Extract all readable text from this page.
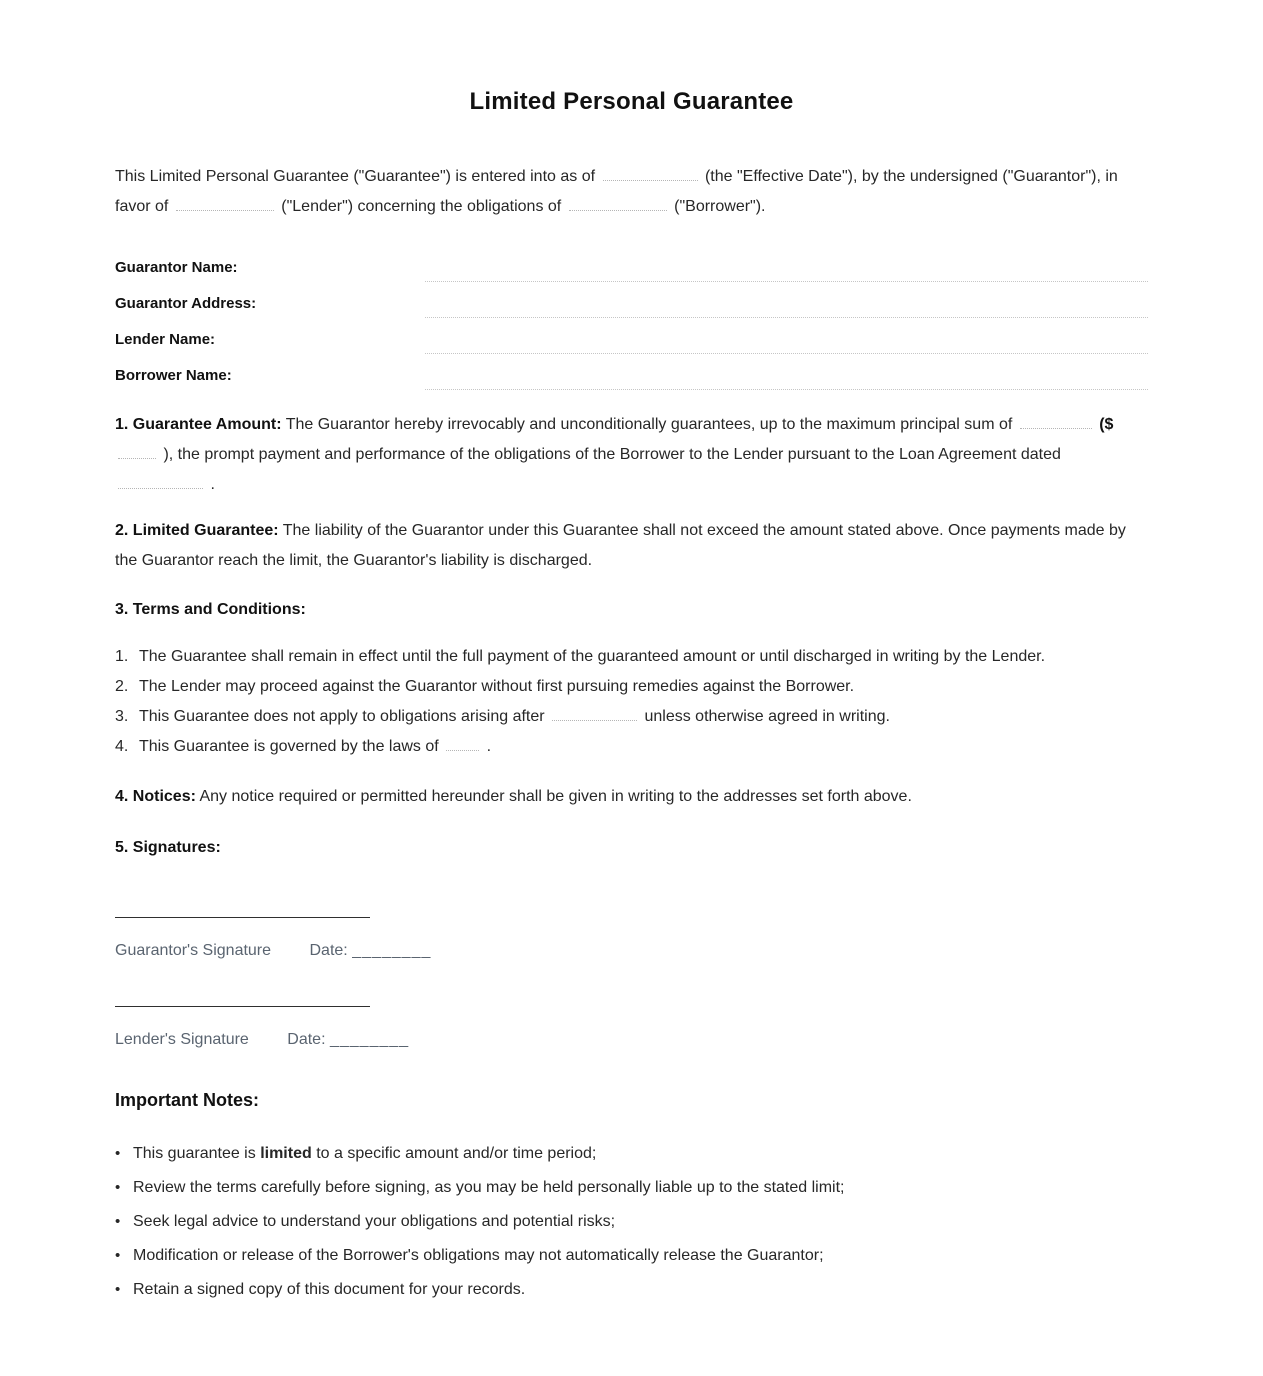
Limited Personal Guarantee

This Limited Personal Guarantee ("Guarantee") is entered into as of	(the "Effective Date"), by the undersigned ("Guarantor"), in favor of	("Lender") concerning the obligations of	("Borrower").

Guarantor Name:
Guarantor Address:
Lender Name:
Borrower Name:

1. Guarantee Amount: The Guarantor hereby irrevocably and unconditionally guarantees, up to the maximum principal sum of	($ ), the prompt payment and performance of the obligations of the Borrower to the Lender pursuant to the Loan Agreement dated  .

2. Limited Guarantee: The liability of the Guarantor under this Guarantee shall not exceed the amount stated above. Once payments made by the Guarantor reach the limit, the Guarantor's liability is discharged.

3. Terms and Conditions:

1. The Guarantee shall remain in effect until the full payment of the guaranteed amount or until discharged in writing by the Lender.
2. The Lender may proceed against the Guarantor without first pursuing remedies against the Borrower.
3. This Guarantee does not apply to obligations arising after	unless otherwise agreed in writing.
4. This Guarantee is governed by the laws of  .

4. Notices: Any notice required or permitted hereunder shall be given in writing to the addresses set forth above.

5. Signatures:

Guarantor's Signature Date: ________
Lender's Signature Date: ________
Important Notes:
• This guarantee is limited to a specific amount and/or time period;
• Review the terms carefully before signing, as you may be held personally liable up to the stated limit;
• Seek legal advice to understand your obligations and potential risks;
• Modification or release of the Borrower's obligations may not automatically release the Guarantor;
• Retain a signed copy of this document for your records.
